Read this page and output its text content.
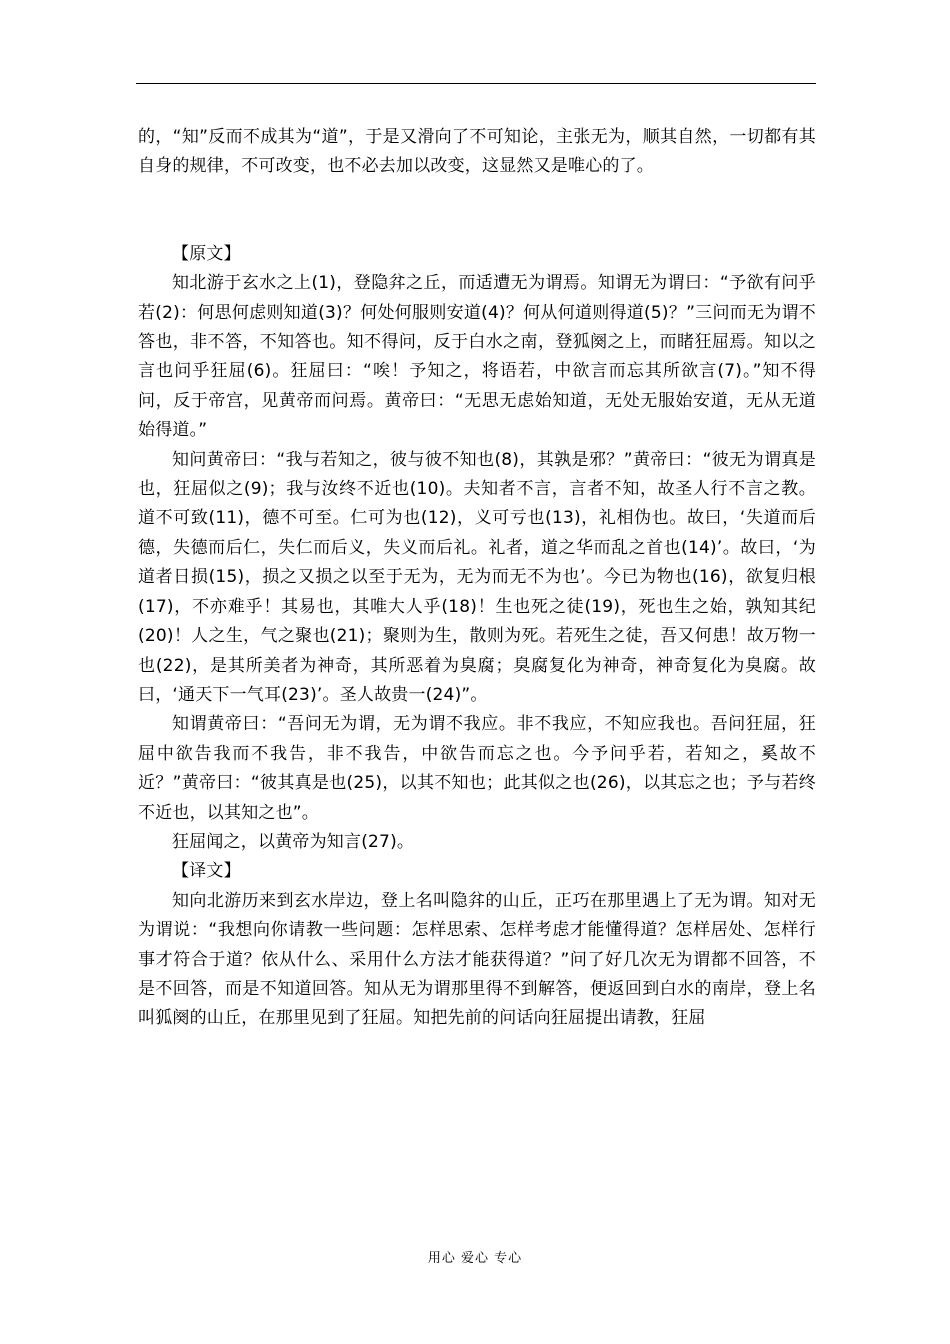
的，“知”反而不成其为“道”，于是又滑向了不可知论，主张无为，顺其自然，一切都有其自身的规律，不可改变，也不必去加以改变，这显然又是唯心的了。

【原文】

知北游于玄水之上(1)，登隐弅之丘，而适遭无为谓焉。知谓无为谓曰：“予欲有问乎若(2)：何思何虑则知道(3)？何处何服则安道(4)？何从何道则得道(5)？”三问而无为谓不答也，非不答，不知答也。知不得问，反于白水之南，登狐阕之上，而睹狂屈焉。知以之言也问乎狂屈(6)。狂屈曰：“唉！予知之，将语若，中欲言而忘其所欲言(7)。”知不得问，反于帝宫，见黄帝而问焉。黄帝曰：“无思无虑始知道，无处无服始安道，无从无道始得道。”

知问黄帝曰：“我与若知之，彼与彼不知也(8)，其孰是邪？”黄帝曰：“彼无为谓真是也，狂屈似之(9)；我与汝终不近也(10)。夫知者不言，言者不知，故圣人行不言之教。道不可致(11)，德不可至。仁可为也(12)，义可亏也(13)，礼相伪也。故曰，‘失道而后德，失德而后仁，失仁而后义，失义而后礼。礼者，道之华而乱之首也(14)’。故曰，‘为道者日损(15)，损之又损之以至于无为，无为而无不为也’。今已为物也(16)，欲复归根(17)，不亦难乎！其易也，其唯大人乎(18)！生也死之徒(19)，死也生之始，孰知其纪(20)！人之生，气之聚也(21)；聚则为生，散则为死。若死生之徒，吾又何患！故万物一也(22)，是其所美者为神奇，其所恶着为臭腐；臭腐复化为神奇，神奇复化为臭腐。故曰，‘通天下一气耳(23)’。圣人故贵一(24)”。

知谓黄帝曰：“吾问无为谓，无为谓不我应。非不我应，不知应我也。吾问狂屈，狂屈中欲告我而不我告，非不我告，中欲告而忘之也。今予问乎若，若知之，奚故不近？”黄帝曰：“彼其真是也(25)，以其不知也；此其似之也(26)，以其忘之也；予与若终不近也，以其知之也”。

狂屈闻之，以黄帝为知言(27)。

【译文】

知向北游历来到玄水岸边，登上名叫隐弅的山丘，正巧在那里遇上了无为谓。知对无为谓说：“我想向你请教一些问题：怎样思索、怎样考虑才能懂得道？怎样居处、怎样行事才符合于道？依从什么、采用什么方法才能获得道？”问了好几次无为谓都不回答，不是不回答，而是不知道回答。知从无为谓那里得不到解答，便返回到白水的南岸，登上名叫狐阕的山丘，在那里见到了狂屈。知把先前的问话向狂屈提出请教，狂屈

用心 爱心 专心
